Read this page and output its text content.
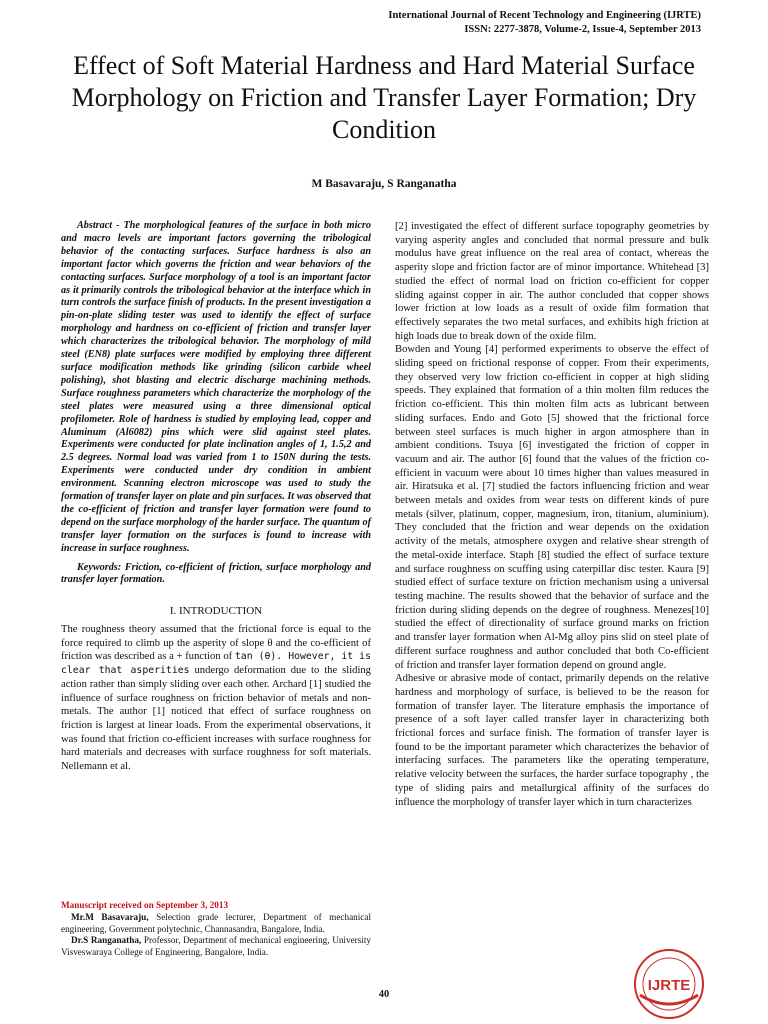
International Journal of Recent Technology and Engineering (IJRTE)
ISSN: 2277-3878, Volume-2, Issue-4, September 2013
Effect of Soft Material Hardness and Hard Material Surface Morphology on Friction and Transfer Layer Formation; Dry Condition
M Basavaraju, S Ranganatha

Abstract - The morphological features of the surface in both micro and macro levels are important factors governing the tribological behavior of the contacting surfaces. Surface hardness is also an important factor which governs the friction and wear behaviors of the contacting surfaces. Surface morphology of a tool is an important factor as it primarily controls the tribological behavior at the interface which in turn controls the surface finish of products. In the present investigation a pin-on-plate sliding tester was used to identify the effect of surface morphology and hardness on co-efficient of friction and transfer layer which characterizes the tribological behavior. The morphology of mild steel (EN8) plate surfaces were modified by employing three different surface modification methods like grinding (silicon carbide wheel polishing), shot blasting and electric discharge machining methods. Surface roughness parameters which characterize the morphology of the steel plates were measured using a three dimensional optical profilometer. Role of hardness is studied by employing lead, copper and Aluminum (Al6082) pins which were slid against steel plates. Experiments were conducted for plate inclination angles of 1, 1.5,2 and 2.5 degrees. Normal load was varied from 1 to 150N during the tests. Experiments were conducted under dry condition in ambient environment. Scanning electron microscope was used to study the formation of transfer layer on plate and pin surfaces. It was observed that the co-efficient of friction and transfer layer formation were found to depend on the surface morphology of the harder surface. The quantum of transfer layer formation on the surfaces is found to increase with increase in surface roughness.

Keywords: Friction, co-efficient of friction, surface morphology and transfer layer formation.

I. INTRODUCTION

The roughness theory assumed that the frictional force is equal to the force required to climb up the asperity of slope θ and the co-efficient of friction was described as a + function of tan (θ). However, it is clear that asperities undergo deformation due to the sliding action rather than simply sliding over each other. Archard [1] studied the influence of surface roughness on friction behavior of metals and non-metals. The author [1] noticed that effect of surface roughness on friction is largest at linear loads. From the experimental observations, it was found that friction co-efficient increases with surface roughness for hard materials and decreases with surface roughness for soft materials. Nellemann et al.

[2] investigated the effect of different surface topography geometries by varying asperity angles and concluded that normal pressure and bulk modulus have great influence on the real area of contact, whereas the asperity slope and friction factor are of minor importance. Whitehead [3] studied the effect of normal load on friction co-efficient for copper sliding against copper in air. The author concluded that copper shows lower friction at low loads as a result of oxide film formation that effectively separates the two metal surfaces, and exhibits high friction at high loads due to break down of the oxide film.

Bowden and Young [4] performed experiments to observe the effect of sliding speed on frictional response of copper. From their experiments, they observed very low friction co-efficient in copper at high sliding speeds. They explained that formation of a thin molten film reduces the friction co-efficient. This thin molten film acts as lubricant between sliding surfaces. Endo and Goto [5] showed that the frictional force between steel surfaces is much higher in argon atmosphere than in ambient conditions. Tsuya [6] investigated the friction of copper in vacuum and air. The author [6] found that the values of the friction co-efficient in vacuum were about 10 times higher than values measured in air. Hiratsuka et al. [7] studied the factors influencing friction and wear between metals and oxides from wear tests on different kinds of pure metals (silver, platinum, copper, magnesium, iron, titanium, aluminium). They concluded that the friction and wear depends on the oxidation activity of the metals, atmosphere oxygen and relative shear strength of the metal-oxide interface. Staph [8] studied the effect of surface texture and surface roughness on scuffing using caterpillar disc tester. Kaura [9] studied effect of surface texture on friction mechanism using a universal testing machine. The results showed that the behavior of surface and the friction during sliding depends on the degree of roughness. Menezes[10] studied the effect of directionality of surface ground marks on friction and transfer layer formation when Al-Mg alloy pins slid on steel plate of different surface roughness and author concluded that both Co-efficient of friction and transfer layer formation depend on ground angle.

Adhesive or abrasive mode of contact, primarily depends on the relative hardness and morphology of surface, is believed to be the reason for formation of transfer layer. The literature emphasis the importance of presence of a soft layer called transfer layer in characterizing both frictional forces and surface finish. The formation of transfer layer is found to be the important parameter which characterizes the behavior of interfacing surfaces. The parameters like the operating temperature, relative velocity between the surfaces, the harder surface topography , the type of sliding pairs and metallurgical affinity of the surfaces do influence the morphology of transfer layer which in turn characterizes

Manuscript received on September 3, 2013

Mr.M Basavaraju, Selection grade lecturer, Department of mechanical engineering, Government polytechnic, Channasandra, Bangalore, India.

Dr.S Ranganatha, Professor, Department of mechanical engineering, University Visveswaraya College of Engineering, Bangalore, India.

40
IJRTE
